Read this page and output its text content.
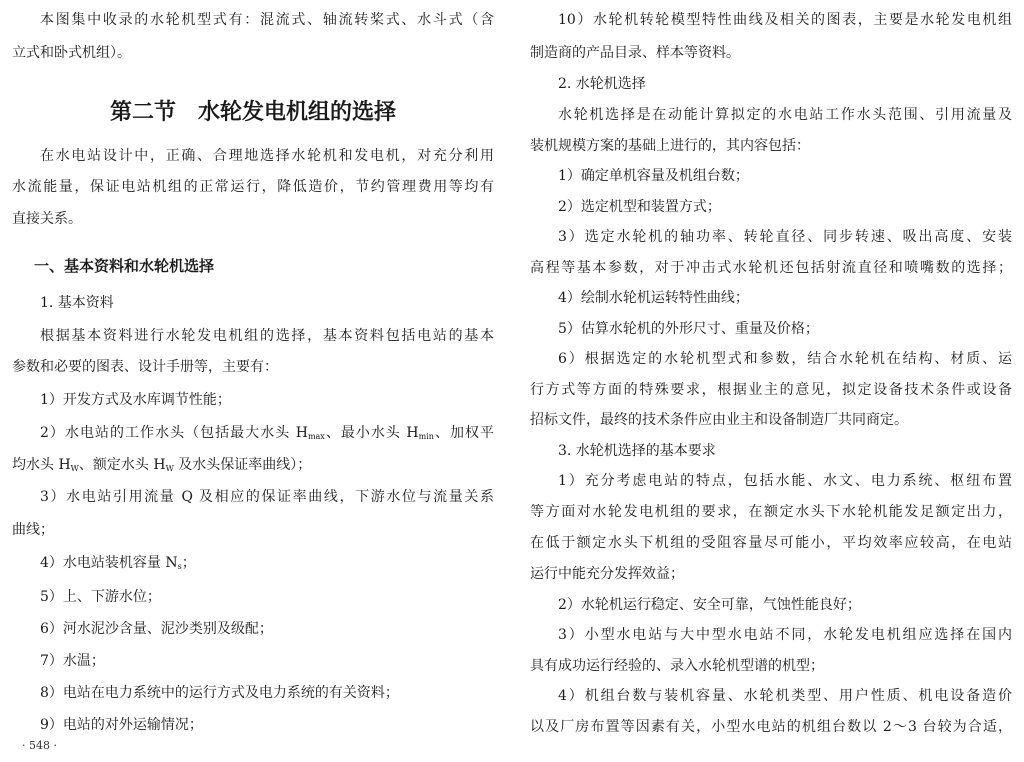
本图集中收录的水轮机型式有：混流式、轴流转桨式、水斗式（含
立式和卧式机组）。
第二节　水轮发电机组的选择
在水电站设计中，正确、合理地选择水轮机和发电机，对充分利用
水流能量，保证电站机组的正常运行，降低造价，节约管理费用等均有
直接关系。
一、基本资料和水轮机选择
1. 基本资料
根据基本资料进行水轮发电机组的选择，基本资料包括电站的基本
参数和必要的图表、设计手册等，主要有：
1）开发方式及水库调节性能；
2）水电站的工作水头（包括最大水头 $H_{max}$、最小水头 $H_{min}$、加权平
均水头 $H_W$、额定水头 $H_W$ 及水头保证率曲线）；
3）水电站引用流量 Q 及相应的保证率曲线，下游水位与流量关系
曲线；
4）水电站装机容量 $N_s$；
5）上、下游水位；
6）河水泥沙含量、泥沙类别及级配；
7）水温；
8）电站在电力系统中的运行方式及电力系统的有关资料；
9）电站的对外运输情况；
10）水轮机转轮模型特性曲线及相关的图表，主要是水轮发电机组
制造商的产品目录、样本等资料。
2. 水轮机选择
水轮机选择是在动能计算拟定的水电站工作水头范围、引用流量及
装机规模方案的基础上进行的，其内容包括：
1）确定单机容量及机组台数；
2）选定机型和装置方式；
3）选定水轮机的轴功率、转轮直径、同步转速、吸出高度、安装
高程等基本参数，对于冲击式水轮机还包括射流直径和喷嘴数的选择；
4）绘制水轮机运转特性曲线；
5）估算水轮机的外形尺寸、重量及价格；
6）根据选定的水轮机型式和参数，结合水轮机在结构、材质、运
行方式等方面的特殊要求，根据业主的意见，拟定设备技术条件或设备
招标文件，最终的技术条件应由业主和设备制造厂共同商定。
3. 水轮机选择的基本要求
1）充分考虑电站的特点，包括水能、水文、电力系统、枢纽布置
等方面对水轮发电机组的要求，在额定水头下水轮机能发足额定出力，
在低于额定水头下机组的受阻容量尽可能小，平均效率应较高，在电站
运行中能充分发挥效益；
2）水轮机运行稳定、安全可靠，气蚀性能良好；
3）小型水电站与大中型水电站不同，水轮发电机组应选择在国内
具有成功运行经验的、录入水轮机型谱的机型；
4）机组台数与装机容量、水轮机类型、用户性质、机电设备造价
以及厂房布置等因素有关，小型水电站的机组台数以 2～3 台较为合适，
· 548 ·
